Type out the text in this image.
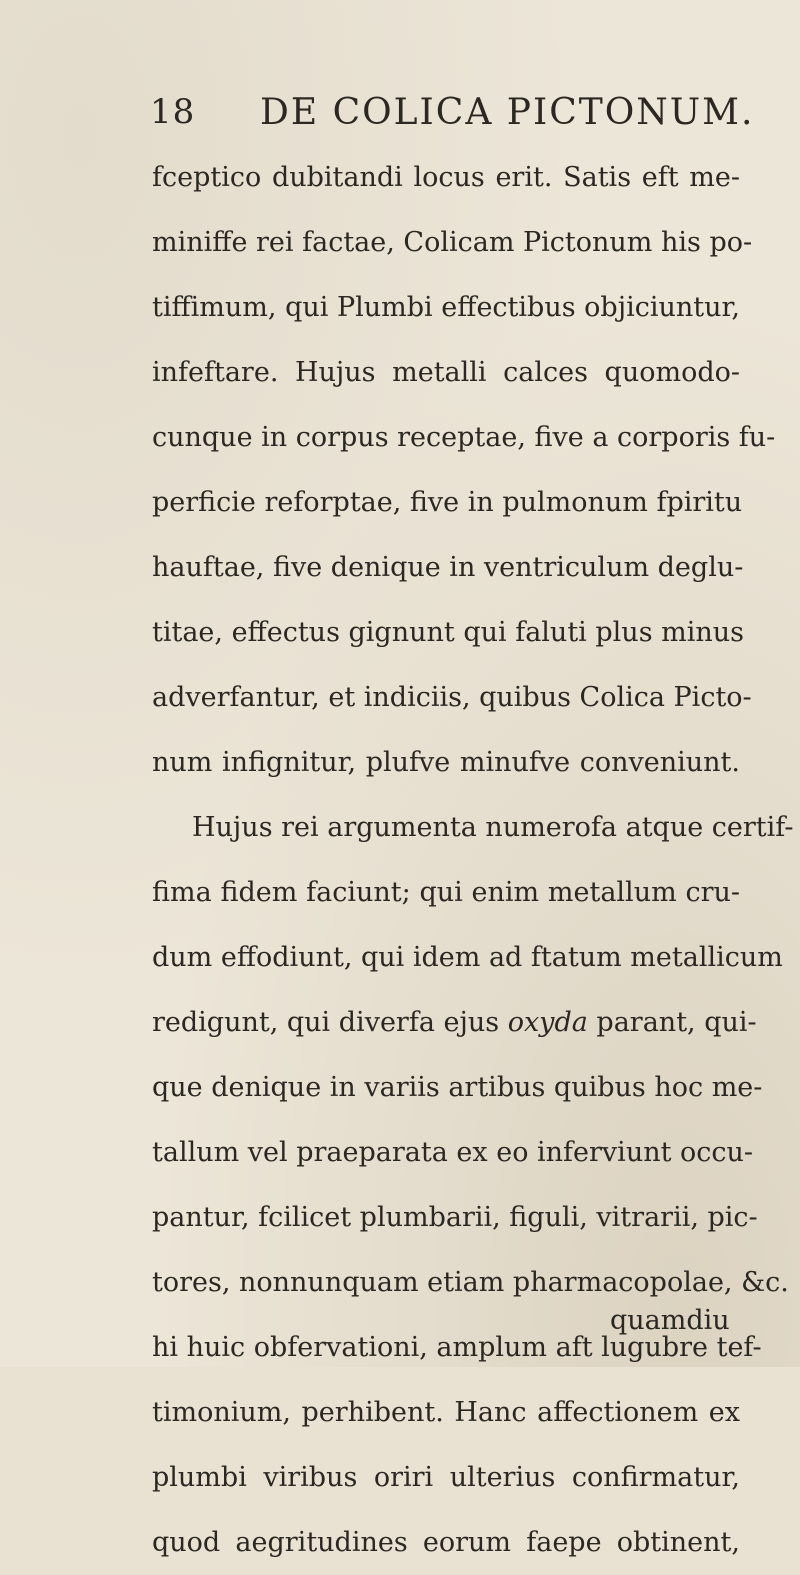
18 DE COLICA PICTONUM.
fceptico dubitandi locus erit. Satis eft me-
miniffe rei factae, Colicam Pictonum his po-
tiffimum, qui Plumbi effectibus objiciuntur,
infeftare. Hujus metalli calces quomodo-
cunque in corpus receptae, five a corporis fu-
perficie reforptae, five in pulmonum fpiritu
hauftae, five denique in ventriculum deglu-
titae, effectus gignunt qui faluti plus minus
adverfantur, et indiciis, quibus Colica Picto-
num infignitur, plufve minufve conveniunt.
Hujus rei argumenta numerofa atque certif-
fima fidem faciunt; qui enim metallum cru-
dum effodiunt, qui idem ad ftatum metallicum
redigunt, qui diverfa ejus oxyda parant, qui-
que denique in variis artibus quibus hoc me-
tallum vel praeparata ex eo inferviunt occu-
pantur, fcilicet plumbarii, figuli, vitrarii, pic-
tores, nonnunquam etiam pharmacopolae, &c.
hi huic obfervationi, amplum aft lugubre tef-
timonium, perhibent. Hanc affectionem ex
plumbi viribus oriri ulterius confirmatur,
quod aegritudines eorum faepe obtinent,
quamdiu
